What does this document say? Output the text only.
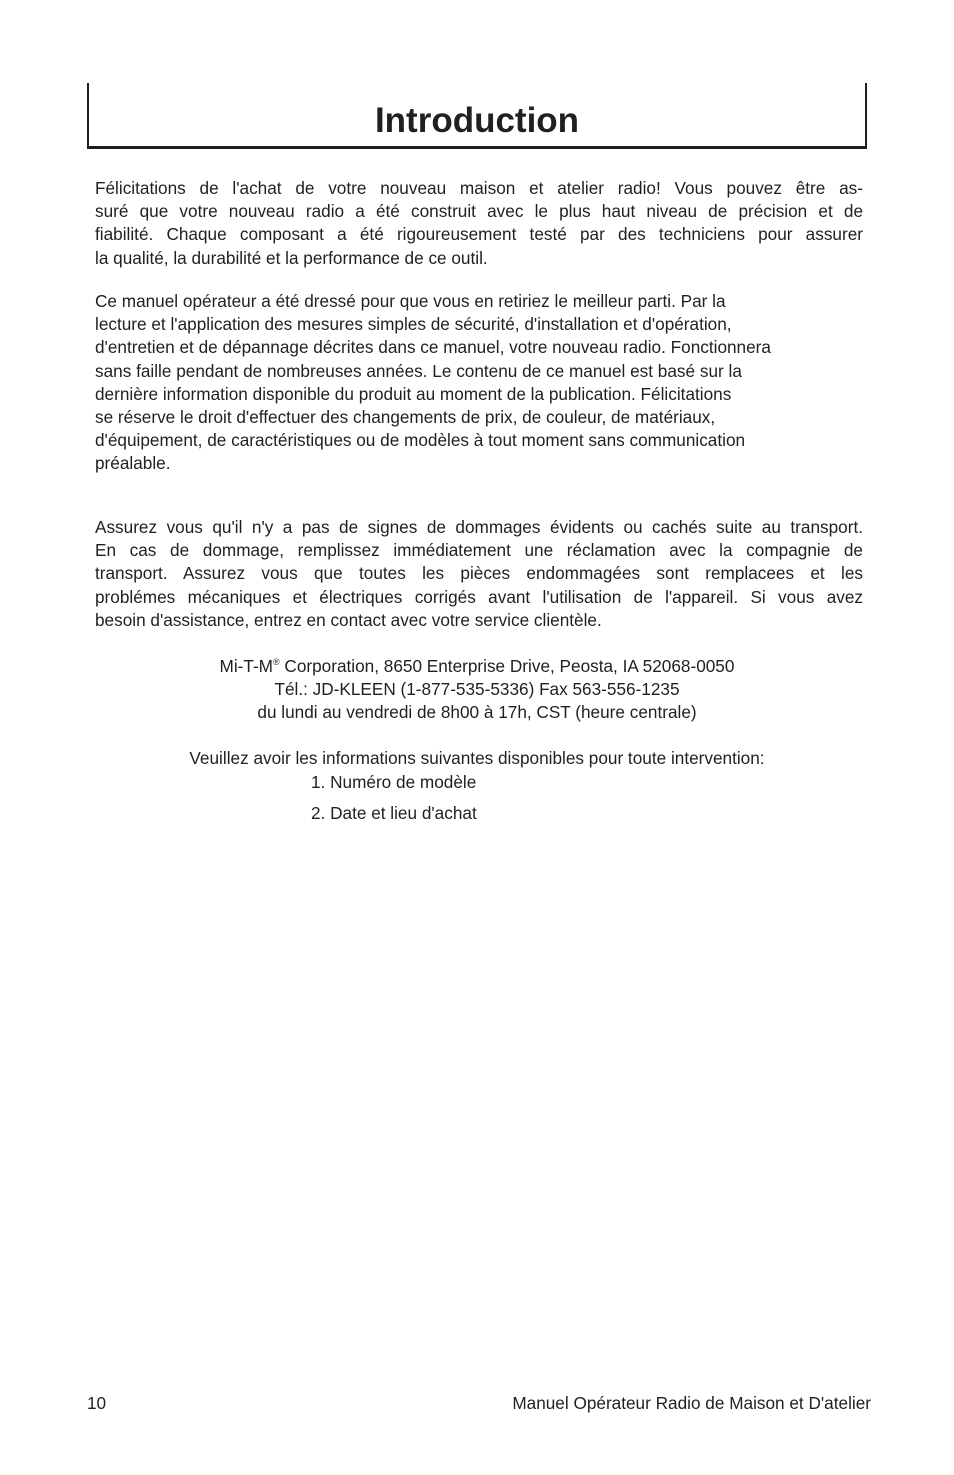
Introduction

Félicitations de l'achat de votre nouveau maison et atelier radio! Vous pouvez être as-
suré que votre nouveau radio a été construit avec le plus haut niveau de précision et de
fiabilité. Chaque composant a été rigoureusement testé par des techniciens pour assurer
la qualité, la durabilité et la performance de ce outil.

Ce manuel opérateur a été dressé pour que vous en retiriez le meilleur parti. Par la
lecture et l'application des mesures simples de sécurité, d'installation et d'opération,
d'entretien et de dépannage décrites dans ce manuel, votre nouveau radio. Fonctionnera
sans faille pendant de nombreuses années. Le contenu de ce manuel est basé sur la
dernière information disponible du produit au moment de la publication. Félicitations
se réserve le droit d'effectuer des changements de prix, de couleur, de matériaux,
d'équipement, de caractéristiques ou de modèles à tout moment sans communication
préalable.

Assurez vous qu'il n'y a pas de signes de dommages évidents ou cachés suite au transport.
En cas de dommage, remplissez immédiatement une réclamation avec la compagnie de
transport. Assurez vous que toutes les pièces endommagées sont remplacees et les
problémes mécaniques et électriques corrigés avant l'utilisation de l'appareil. Si vous avez
besoin d'assistance, entrez en contact avec votre service clientèle.

Mi-T-M® Corporation, 8650 Enterprise Drive, Peosta, IA 52068-0050
Tél.: JD-KLEEN (1-877-535-5336) Fax 563-556-1235
du lundi au vendredi de 8h00 à 17h, CST (heure centrale)
Veuillez avoir les informations suivantes disponibles pour toute intervention:
1. Numéro de modèle
2. Date et lieu d'achat
10	Manuel Opérateur Radio de Maison et D'atelier
